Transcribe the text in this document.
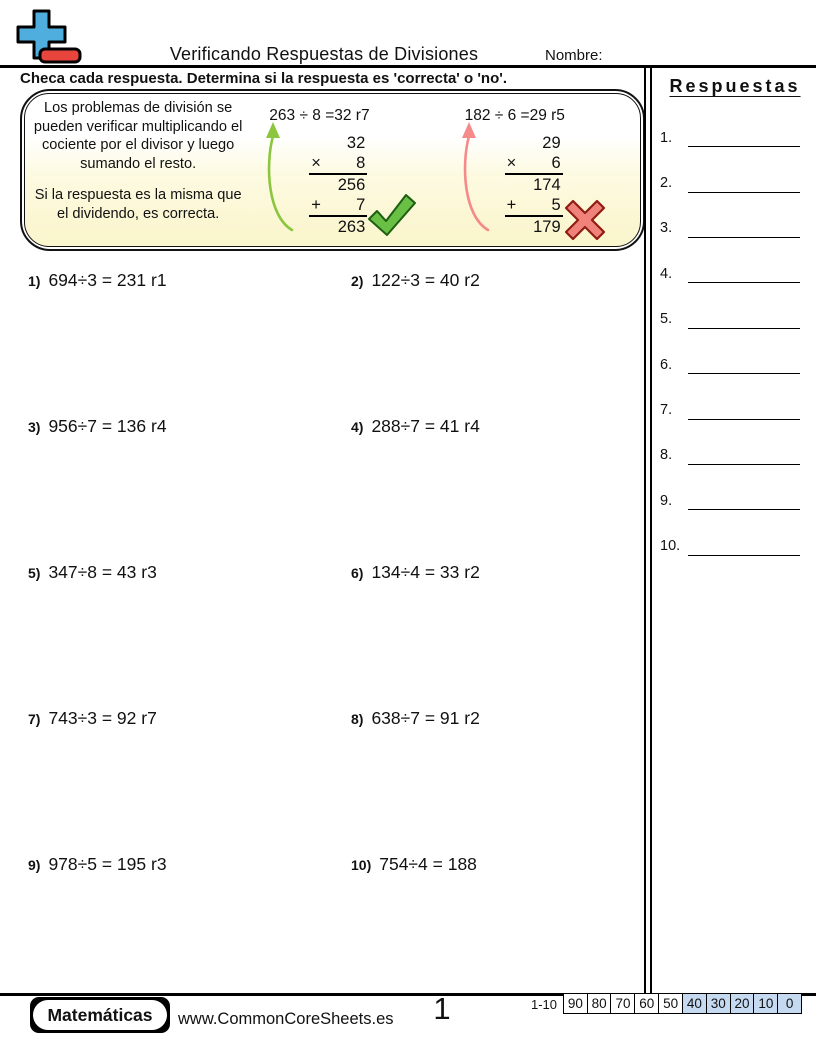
Verificando Respuestas de Divisiones	Nombre:
Checa cada respuesta. Determina si la respuesta es 'correcta' o 'no'.

Los problemas de división se pueden verificar multiplicando el cociente por el divisor y luego sumando el resto.

Si la respuesta es la misma que el dividendo, es correcta.

263 ÷ 8 =32 r7
32
× 8
256
+ 7
263
182 ÷ 6 =29 r5
29
× 6
174
+ 5
179
1) 694÷3 = 231 r1	2) 122÷3 = 40 r2
3) 956÷7 = 136 r4	4) 288÷7 = 41 r4
5) 347÷8 = 43 r3	6) 134÷4 = 33 r2
7) 743÷3 = 92 r7	8) 638÷7 = 91 r2
9) 978÷5 = 195 r3	10) 754÷4 = 188
Respuestas
1.
2.
3.
4.
5.
6.
7.
8.
9.
10.
Matemáticas	www.CommonCoreSheets.es	1	1-10 90 80 70 60 50 40 30 20 10 0
